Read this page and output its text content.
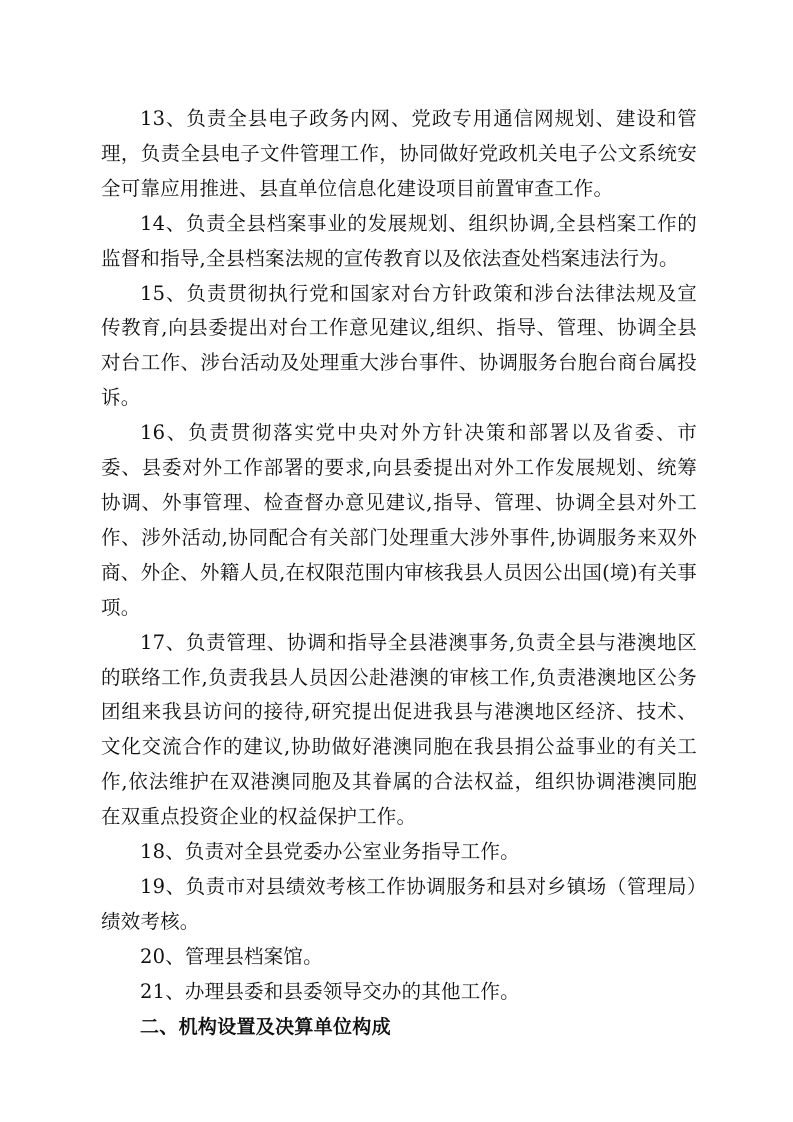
13、负责全县电子政务内网、党政专用通信网规划、建设和管理，负责全县电子文件管理工作，协同做好党政机关电子公文系统安全可靠应用推进、县直单位信息化建设项目前置审查工作。

14、负责全县档案事业的发展规划、组织协调,全县档案工作的监督和指导,全县档案法规的宣传教育以及依法查处档案违法行为。

15、负责贯彻执行党和国家对台方针政策和涉台法律法规及宣传教育,向县委提出对台工作意见建议,组织、指导、管理、协调全县对台工作、涉台活动及处理重大涉台事件、协调服务台胞台商台属投诉。

16、负责贯彻落实党中央对外方针决策和部署以及省委、市委、县委对外工作部署的要求,向县委提出对外工作发展规划、统筹协调、外事管理、检查督办意见建议,指导、管理、协调全县对外工作、涉外活动,协同配合有关部门处理重大涉外事件,协调服务来双外商、外企、外籍人员,在权限范围内审核我县人员因公出国(境)有关事项。

17、负责管理、协调和指导全县港澳事务,负责全县与港澳地区的联络工作,负责我县人员因公赴港澳的审核工作,负责港澳地区公务团组来我县访问的接待,研究提出促进我县与港澳地区经济、技术、文化交流合作的建议,协助做好港澳同胞在我县捐公益事业的有关工作,依法维护在双港澳同胞及其眷属的合法权益，组织协调港澳同胞在双重点投资企业的权益保护工作。

18、负责对全县党委办公室业务指导工作。

19、负责市对县绩效考核工作协调服务和县对乡镇场（管理局）绩效考核。

20、管理县档案馆。

21、办理县委和县委领导交办的其他工作。

二、机构设置及决算单位构成
